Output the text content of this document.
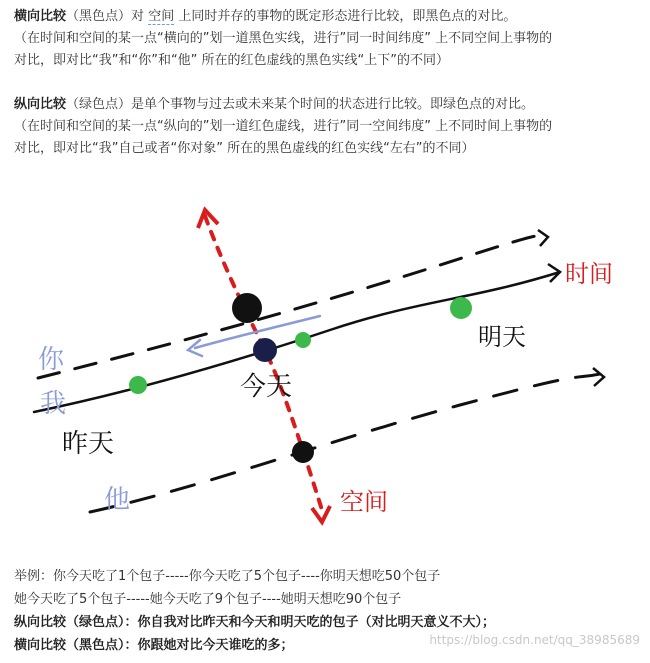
横向比较（黑色点）对 空间 上同时并存的事物的既定形态进行比较，即黑色点的对比。
（在时间和空间的某一点“横向的”划一道黑色实线，进行”同一时间纬度” 上不同空间上事物的
对比，即对比“我”和“你”和“他” 所在的红色虚线的黑色实线“上下”的不同）

纵向比较（绿色点）是单个事物与过去或未来某个时间的状态进行比较。即绿色点的对比。
（在时间和空间的某一点“纵向的”划一道红色虚线，进行”同一空间纬度” 上不同时间上事物的
对比，即对比“我”自己或者“你对象” 所在的黑色虚线的红色实线“左右”的不同）

时间
空间
今天
明天
昨天
你
我
他
举例：你今天吃了1个包子-----你今天吃了5个包子----你明天想吃50个包子
她今天吃了5个包子-----她今天吃了9个包子----她明天想吃90个包子
纵向比较（绿色点）：你自我对比昨天和今天和明天吃的包子（对比明天意义不大）；
横向比较（黑色点）：你跟她对比今天谁吃的多；	https://blog.csdn.net/qq_38985689
